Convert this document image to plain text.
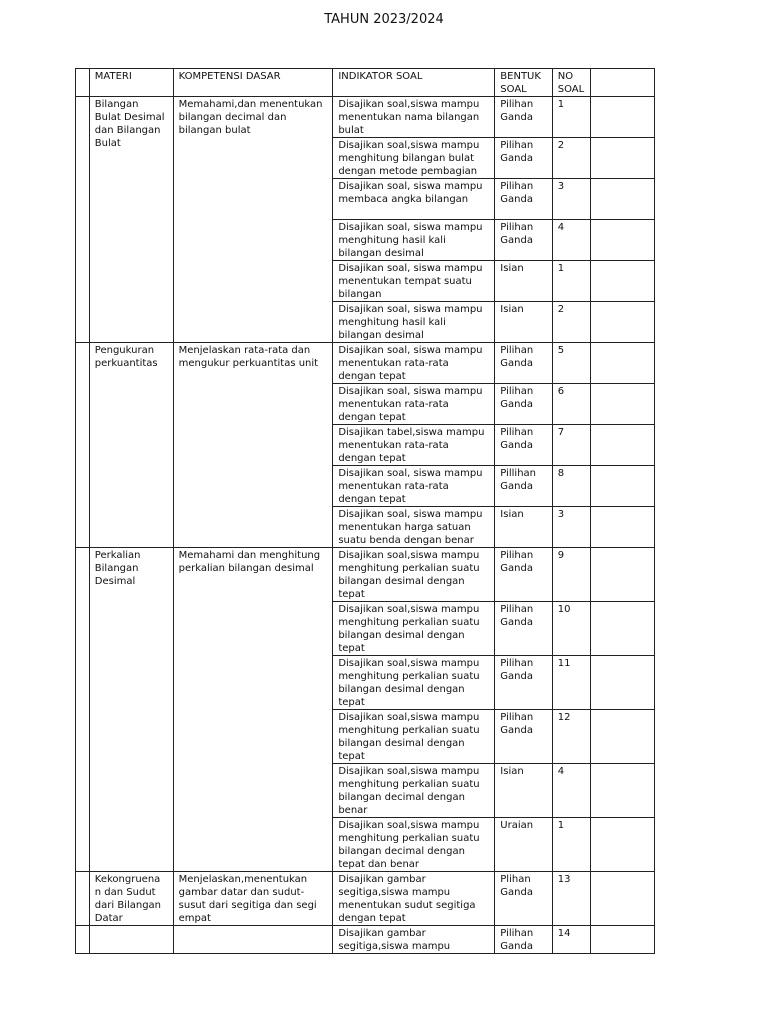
TAHUN 2023/2024
	MATERI	KOMPETENSI DASAR	INDIKATOR SOAL	BENTUK SOAL	NO SOAL	
	Bilangan Bulat Desimal dan Bilangan Bulat	Memahami,dan menentukan bilangan decimal dan bilangan bulat	Disajikan soal,siswa mampu menentukan nama bilangan bulat	Pilihan Ganda	1	
			Disajikan soal,siswa mampu menghitung bilangan bulat dengan metode pembagian	Pilihan Ganda	2	
			Disajikan soal, siswa mampu membaca angka bilangan	Pilihan Ganda	3	
			Disajikan soal, siswa mampu menghitung hasil kali bilangan desimal	Pilihan Ganda	4	
			Disajikan soal, siswa mampu menentukan tempat suatu bilangan	Isian	1	
			Disajikan soal, siswa mampu menghitung hasil kali bilangan desimal	Isian	2	
	Pengukuran perkuantitas	Menjelaskan rata-rata dan mengukur perkuantitas unit	Disajikan soal, siswa mampu menentukan rata-rata dengan tepat	Pilihan Ganda	5	
			Disajikan soal, siswa mampu menentukan rata-rata dengan tepat	Pilihan Ganda	6	
			Disajikan tabel,siswa mampu menentukan rata-rata dengan tepat	Pilihan Ganda	7	
			Disajikan soal, siswa mampu menentukan rata-rata dengan tepat	Pillihan Ganda	8	
			Disajikan soal, siswa mampu menentukan harga satuan suatu benda dengan benar	Isian	3	
	Perkalian Bilangan Desimal	Memahami dan menghitung perkalian bilangan desimal	Disajikan soal,siswa mampu menghitung perkalian suatu bilangan desimal dengan tepat	Pilihan Ganda	9	
			Disajikan soal,siswa mampu menghitung perkalian suatu bilangan desimal dengan tepat	Pilihan Ganda	10	
			Disajikan soal,siswa mampu menghitung perkalian suatu bilangan desimal dengan tepat	Pilihan Ganda	11	
			Disajikan soal,siswa mampu menghitung perkalian suatu bilangan desimal dengan tepat	Pilihan Ganda	12	
			Disajikan soal,siswa mampu menghitung perkalian suatu bilangan decimal dengan benar	Isian	4	
			Disajikan soal,siswa mampu menghitung perkalian suatu bilangan decimal dengan tepat dan benar	Uraian	1	
	Kekongruena n dan Sudut dari Bilangan Datar	Menjelaskan,menentukan gambar datar dan sudut-susut dari segitiga dan segi empat	Disajikan gambar segitiga,siswa mampu menentukan sudut segitiga dengan tepat	Plihan Ganda	13	
			Disajikan gambar segitiga,siswa mampu	Pilihan Ganda	14	
